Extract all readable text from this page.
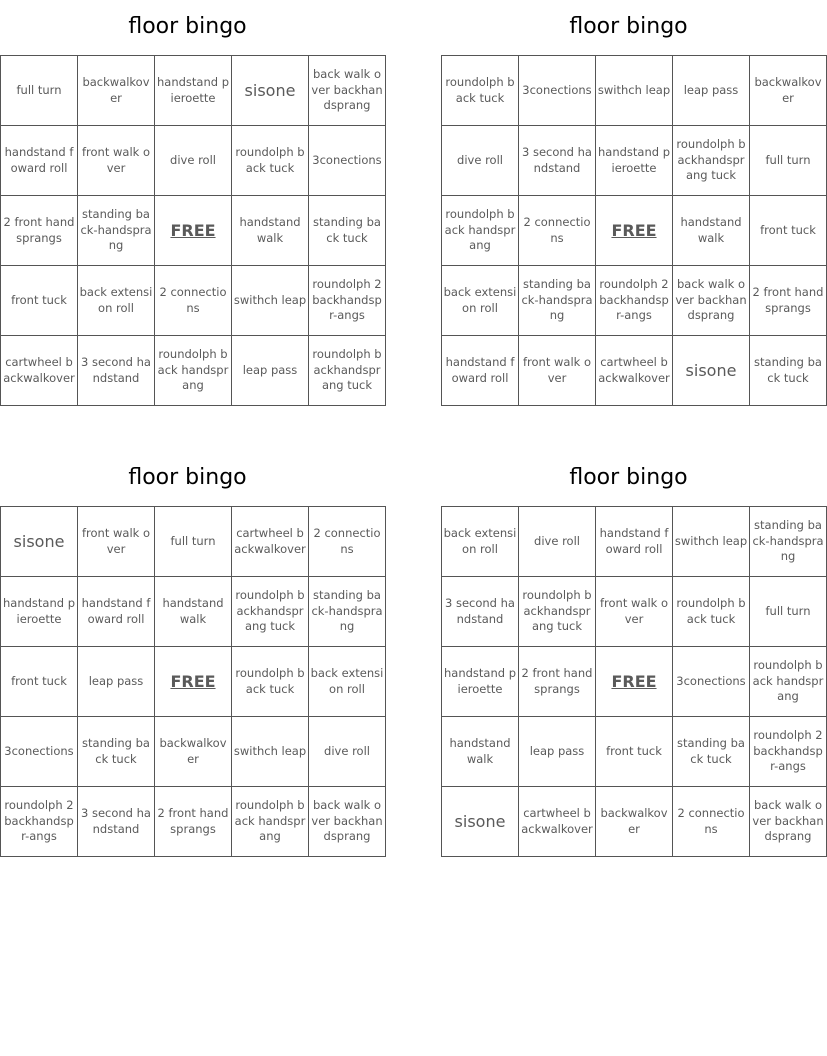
floor bingo
full turn	backwalkover	handstand pieroette	sisone	back walk over backhandsprang
handstand foward roll	front walk over	dive roll	roundolph back tuck	3conections
2 front handsprangs	standing back-handsprang	FREE	handstand walk	standing back tuck
front tuck	back extension roll	2 connections	swithch leap	roundolph 2 backhandspr-angs
cartwheel backwalkover	3 second handstand	roundolph back handsprang	leap pass	roundolph backhandsprang tuck
floor bingo
roundolph back tuck	3conections	swithch leap	leap pass	backwalkover
dive roll	3 second handstand	handstand pieroette	roundolph backhandsprang tuck	full turn
roundolph back handsprang	2 connections	FREE	handstand walk	front tuck
back extension roll	standing back-handsprang	roundolph 2 backhandspr-angs	back walk over backhandsprang	2 front handsprangs
handstand foward roll	front walk over	cartwheel backwalkover	sisone	standing back tuck
floor bingo
sisone	front walk over	full turn	cartwheel backwalkover	2 connections
handstand pieroette	handstand foward roll	handstand walk	roundolph backhandsprang tuck	standing back-handsprang
front tuck	leap pass	FREE	roundolph back tuck	back extension roll
3conections	standing back tuck	backwalkover	swithch leap	dive roll
roundolph 2 backhandspr-angs	3 second handstand	2 front handsprangs	roundolph back handsprang	back walk over backhandsprang
floor bingo
back extension roll	dive roll	handstand foward roll	swithch leap	standing back-handsprang
3 second handstand	roundolph backhandsprang tuck	front walk over	roundolph back tuck	full turn
handstand pieroette	2 front handsprangs	FREE	3conections	roundolph back handsprang
handstand walk	leap pass	front tuck	standing back tuck	roundolph 2 backhandspr-angs
sisone	cartwheel backwalkover	backwalkover	2 connections	back walk over backhandsprang
